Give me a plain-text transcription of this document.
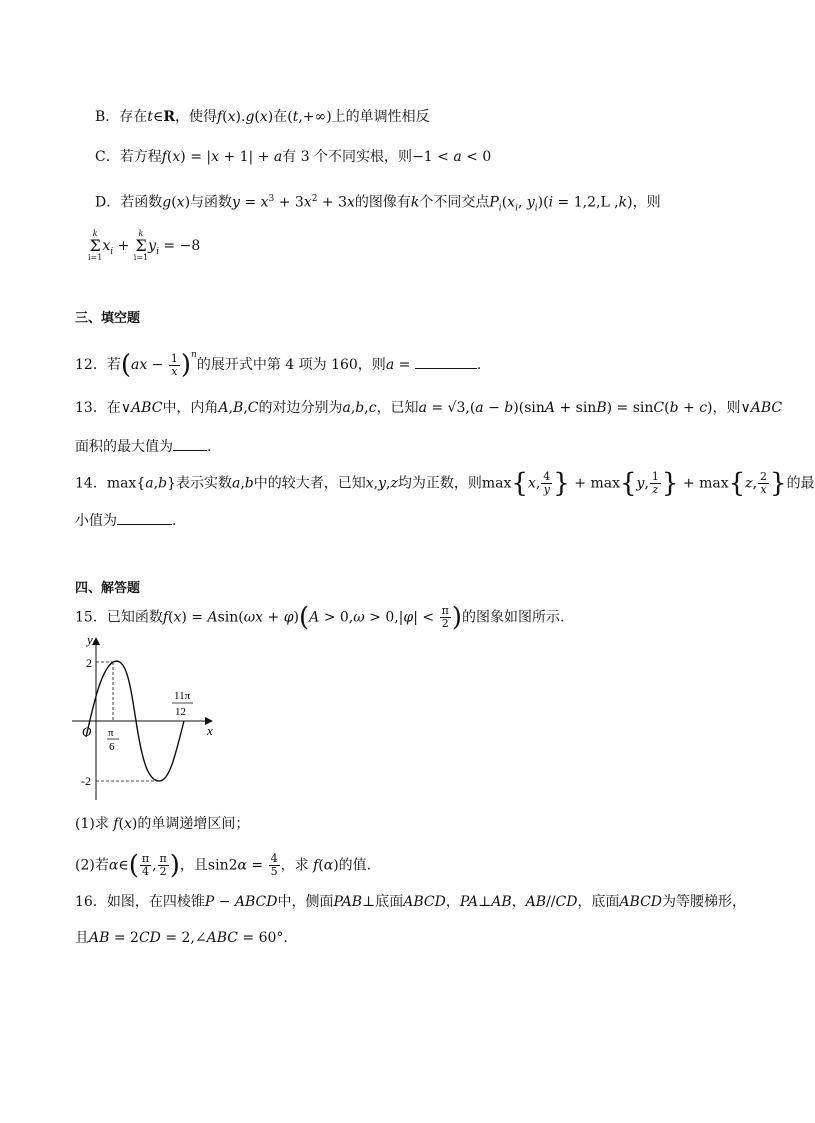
B．存在t∈R，使得f(x).g(x)在(t,+∞)上的单调性相反
C．若方程f(x) = |x + 1| + a有 3 个不同实根，则−1 < a < 0
D．若函数g(x)与函数$y = x^3 + 3x^2 + 3x$的图像有k个不同交点$P_i(x_i$, $y_i)(i = 1,2,L$ ,k)，则
k
Σ
i=1
$x_i$ +
k
Σ
i=1
$y_i = -8$
三、填空题
12．若$(ax - \frac{1}{x} )^n$的展开式中第 4 项为 160，则a =	.
13．在∨ABC中，内角A,B,C的对边分别为a,b,c，已知a = √3,(a − b)(sinA + sinB) = sinC(b + c)，则∨ABC
面积的最大值为 .
14．max{a,b}表示实数a,b中的较大者，已知x,y,z均为正数，则max{x, $\frac{4}{y}$ } + max{y, $\frac{1}{z}$ } + max{z, $\frac{2}{x}$ }的最
小值为	.
四、解答题
15．已知函数$f(x) = Asin(\omega x + \varphi)(A > 0,\omega > 0,|\varphi| < \frac{\pi}{2}$ )的图象如图所示.
y
x
O
2
-2
π
6
11π
12
(1)求 f(x)的单调递增区间；
(2)若α∈( $\frac{\pi}{4}$ , $\frac{\pi}{2}$ )，且$\sin 2\alpha = \frac{4}{5}$ ，求 f(α)的值.
16．如图，在四棱锥P − ABCD中，侧面PAB⊥底面ABCD，PA⊥AB，AB//CD，底面ABCD为等腰梯形，
且AB = 2CD = 2,∠ABC = 60°.
